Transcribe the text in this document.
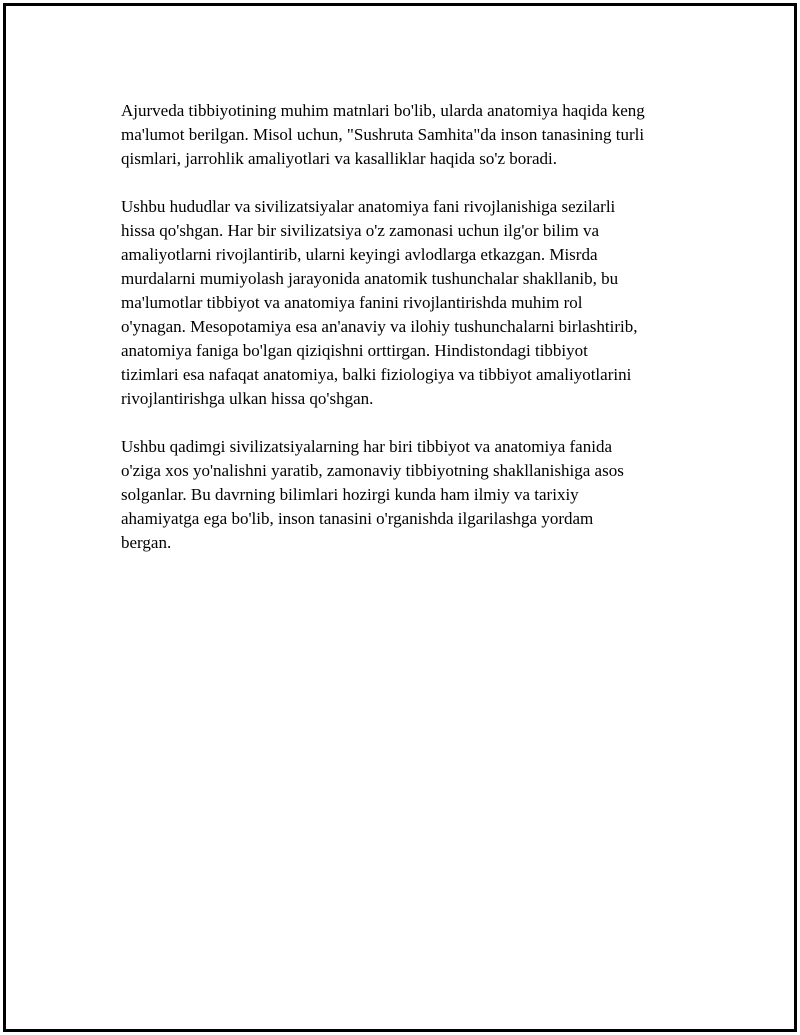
Ajurveda tibbiyotining muhim matnlari bo'lib, ularda anatomiya haqida keng
ma'lumot berilgan. Misol uchun, "Sushruta Samhita"da inson tanasining turli
qismlari, jarrohlik amaliyotlari va kasalliklar haqida so'z boradi.

Ushbu hududlar va sivilizatsiyalar anatomiya fani rivojlanishiga sezilarli
hissa qo'shgan. Har bir sivilizatsiya o'z zamonasi uchun ilg'or bilim va
amaliyotlarni rivojlantirib, ularni keyingi avlodlarga etkazgan. Misrda
murdalarni mumiyolash jarayonida anatomik tushunchalar shakllanib, bu
ma'lumotlar tibbiyot va anatomiya fanini rivojlantirishda muhim rol
o'ynagan. Mesopotamiya esa an'anaviy va ilohiy tushunchalarni birlashtirib,
anatomiya faniga bo'lgan qiziqishni orttirgan. Hindistondagi tibbiyot
tizimlari esa nafaqat anatomiya, balki fiziologiya va tibbiyot amaliyotlarini
rivojlantirishga ulkan hissa qo'shgan.

Ushbu qadimgi sivilizatsiyalarning har biri tibbiyot va anatomiya fanida
o'ziga xos yo'nalishni yaratib, zamonaviy tibbiyotning shakllanishiga asos
solganlar. Bu davrning bilimlari hozirgi kunda ham ilmiy va tarixiy
ahamiyatga ega bo'lib, inson tanasini o'rganishda ilgarilashga yordam
bergan.
